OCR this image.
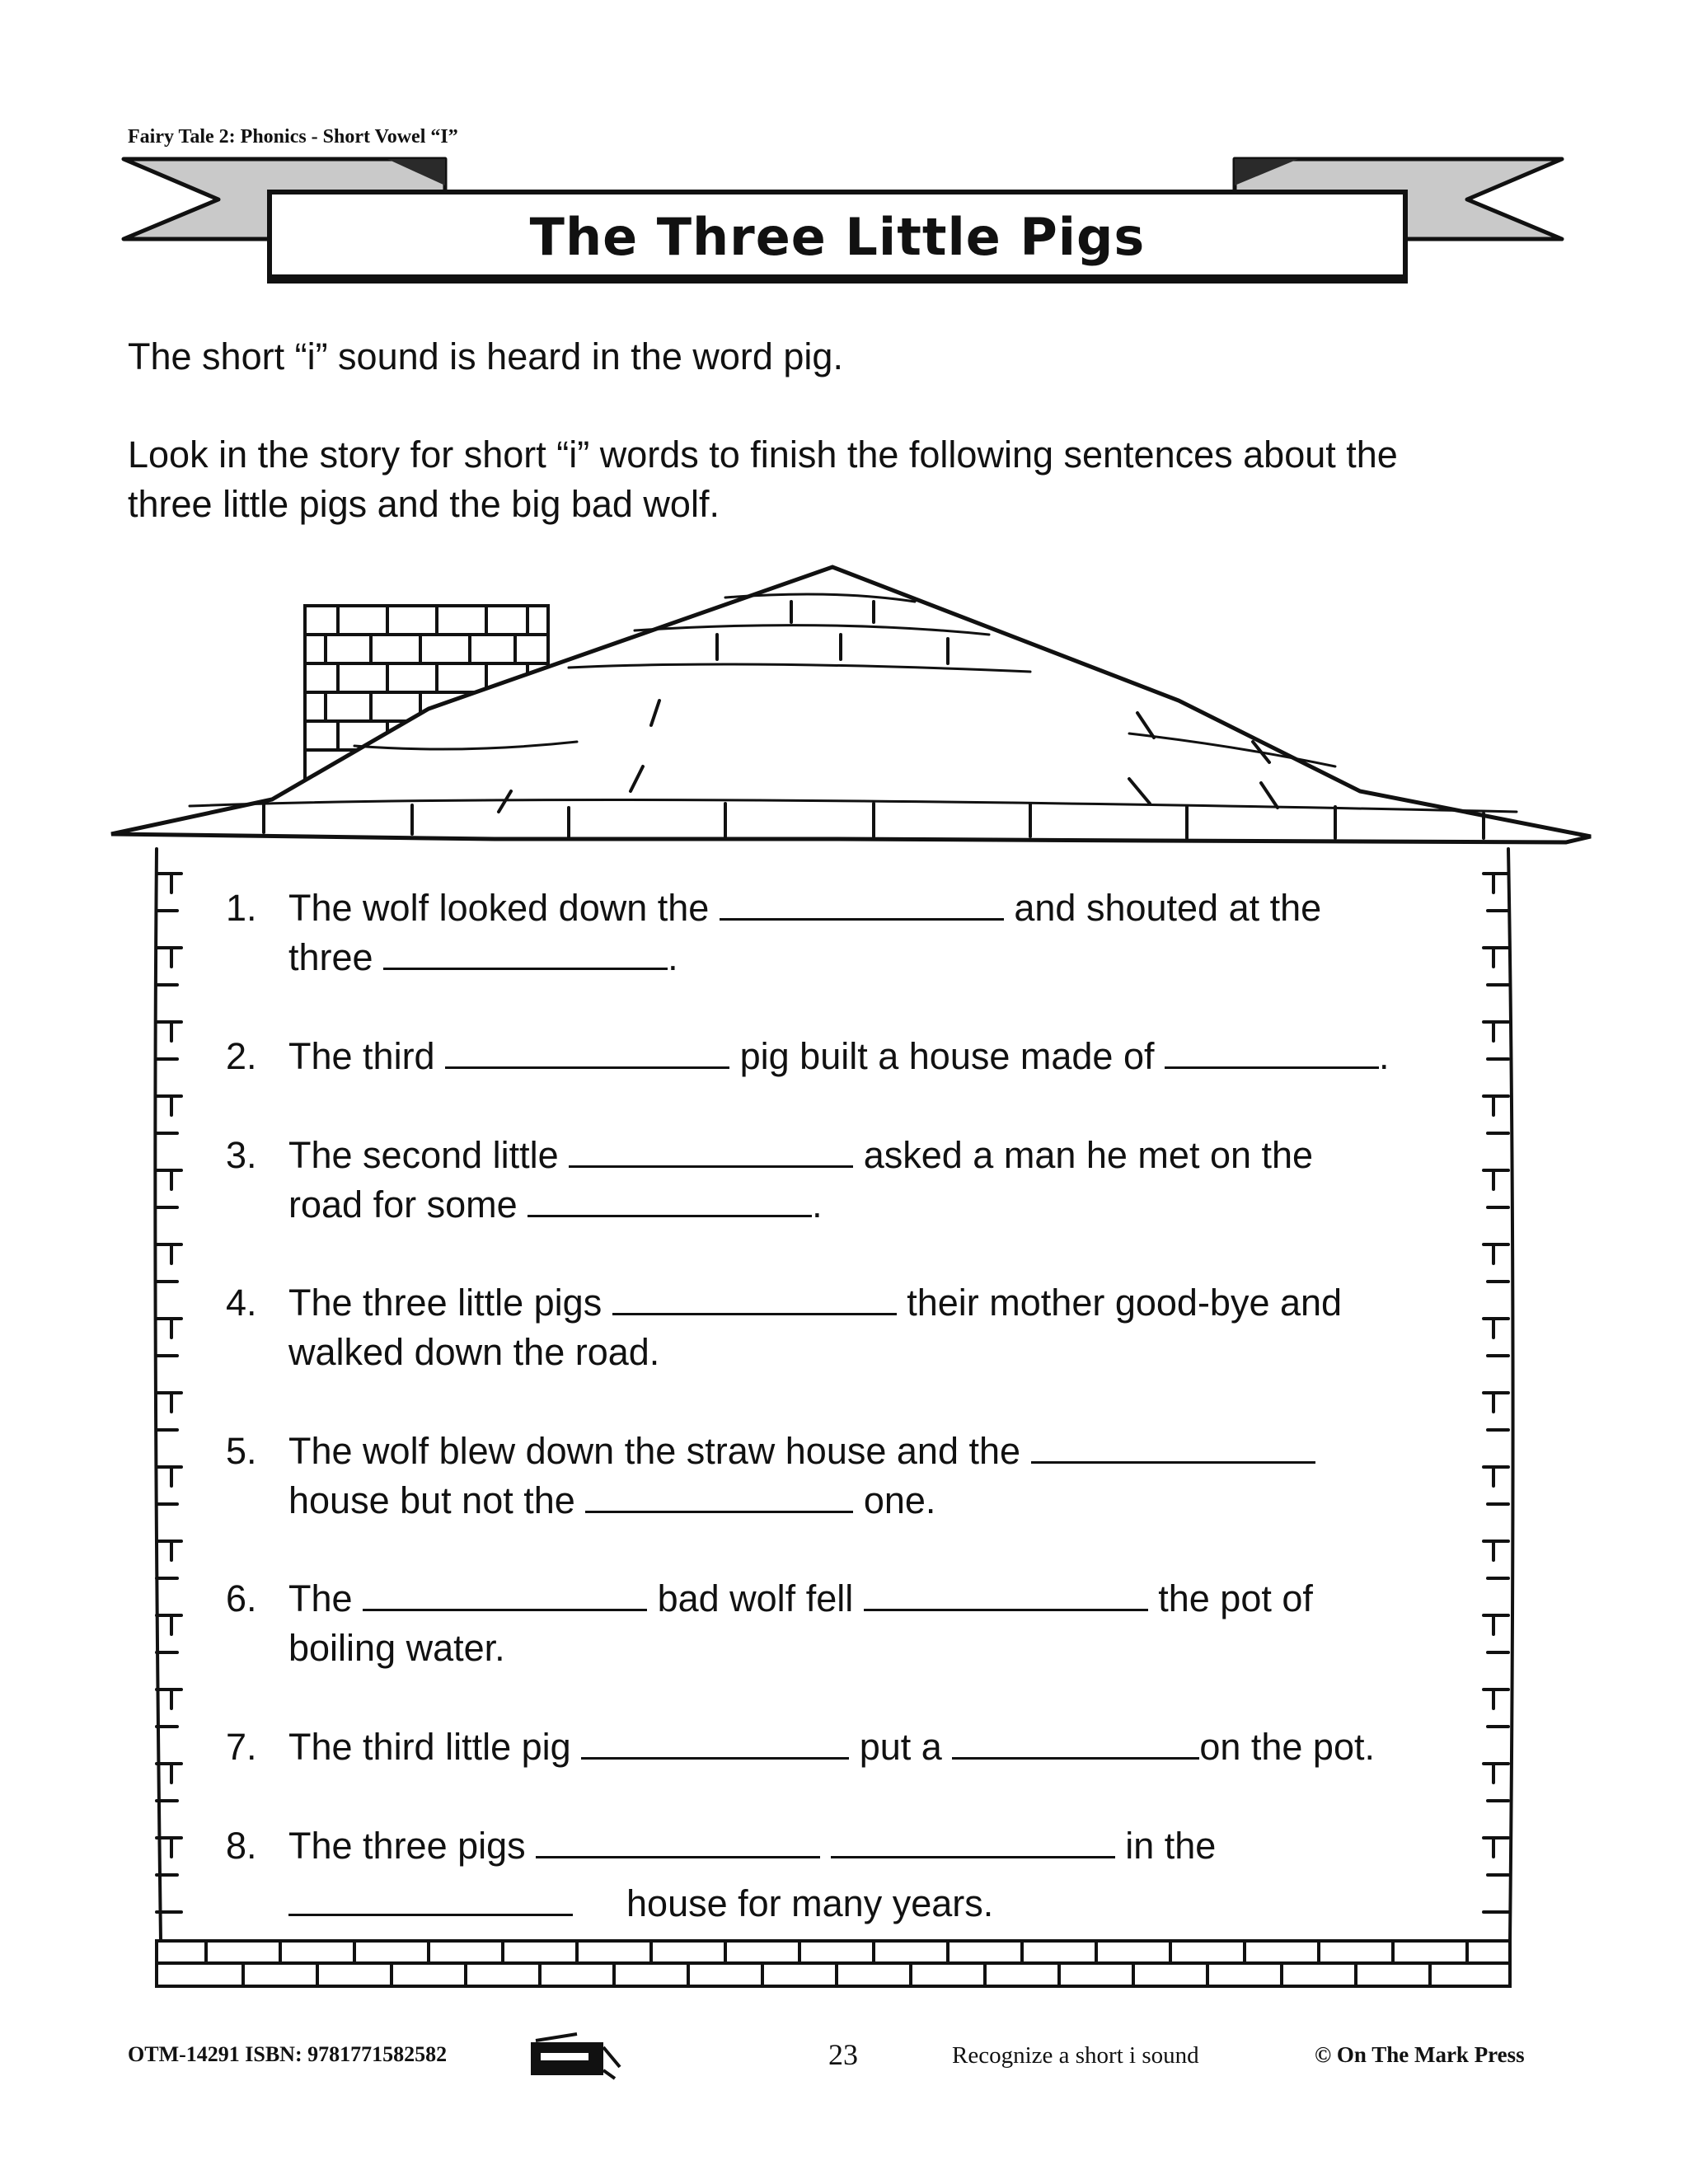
Fairy Tale 2: Phonics - Short Vowel “I”
The Three Little Pigs
The short “i” sound is heard in the word pig.
Look in the story for short “i” words to finish the following sentences about the
three little pigs and the big bad wolf.
1. The wolf looked down the	and shouted at the
three	.
2. The third	pig built a house made of	.
3. The second little	asked a man he met on the
road for some	.
4. The three little pigs	their mother good-bye and
walked down the road.
5. The wolf blew down the straw house and the
house but not the	one.
6. The	bad wolf fell	the pot of
boiling water.
7. The third little pig	put a	on the pot.
8. The three pigs	in the
house for many years.
OTM-14291 ISBN: 9781771582582	23	Recognize a short i sound	© On The Mark Press
